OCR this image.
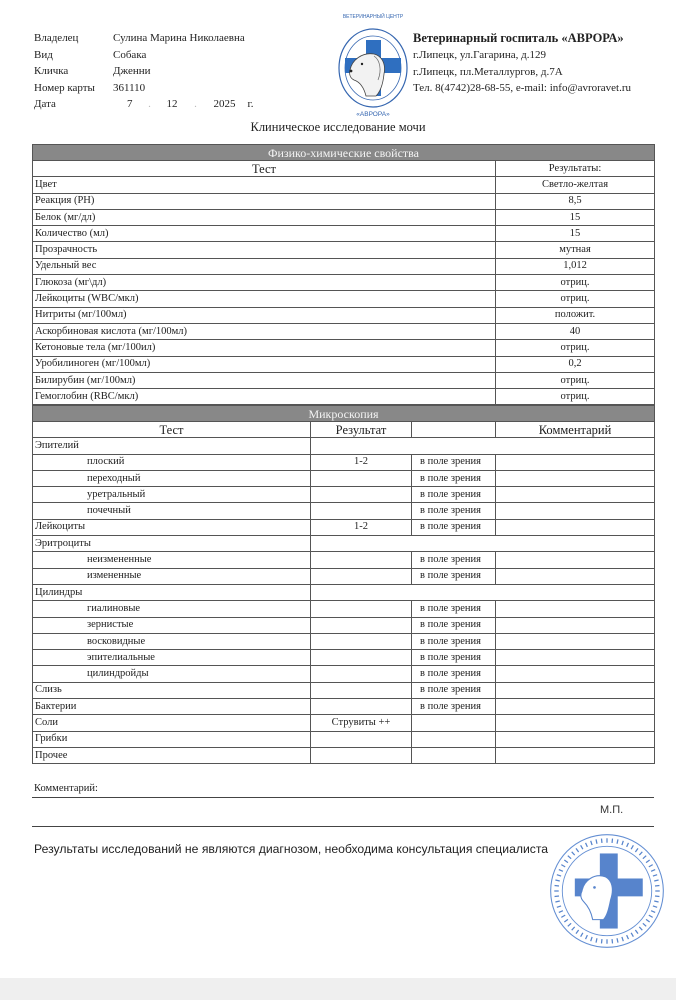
Владелец	Сулина Марина Николаевна
Вид	Собака
Кличка	Дженни
Номер карты	361110
Дата	7	.	12	.	2025 г.
ВЕТЕРИНАРНЫЙ ЦЕНТР
«АВРОРА»
Ветеринарный госпиталь «АВРОРА»
г.Липецк, ул.Гагарина, д.129
г.Липецк, пл.Металлургов, д.7А
Тел. 8(4742)28-68-55, e-mail: info@avroravet.ru
Клиническое исследование мочи
Физико-химические свойства	
Тест	Результаты:
Цвет	Светло-желтая
Реакция (PH)	8,5
Белок (мг/дл)	15
Количество (мл)	15
Прозрачность	мутная
Удельный вес	1,012
Глюкоза (мг\дл)	отриц.
Лейкоциты (WBC/мкл)	отриц.
Нитриты (мг/100мл)	положит.
Аскорбиновая кислота (мг/100мл)	40
Кетоновые тела (мг/100ил)	отриц.
Уробилиноген (мг/100мл)	0,2
Билирубин (мг/100мл)	отриц.
Гемоглобин (RBC/мкл)	отриц.
Микроскопия			
Тест	Результат		Комментарий
Эпителий			
плоский	1-2	в поле зрения	
переходный		в поле зрения	
уретральный		в поле зрения	
почечный		в поле зрения	
Лейкоциты	1-2	в поле зрения	
Эритроциты			
неизмененные		в поле зрения	
измененные		в поле зрения	
Цилиндры			
гиалиновые		в поле зрения	
зернистые		в поле зрения	
восковидные		в поле зрения	
эпителиальные		в поле зрения	
цилиндройды		в поле зрения	
Слизь		в поле зрения	
Бактерии		в поле зрения	
Соли	Струвиты ++		
Грибки			
Прочее			
Комментарий:
Результаты исследований не являются диагнозом, необходима консультация специалиста
М.П.
